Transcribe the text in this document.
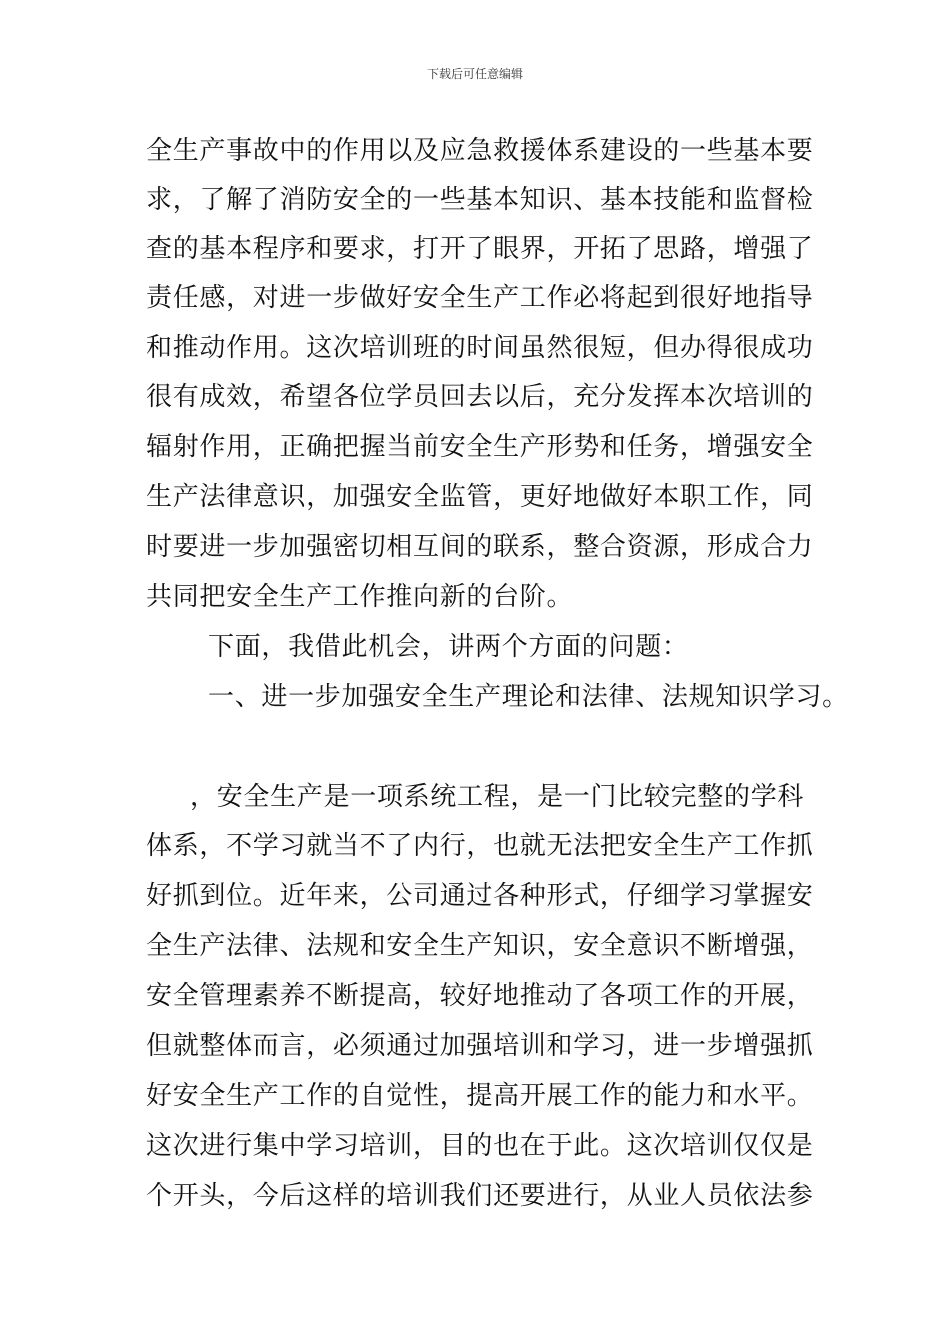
下载后可任意编辑
全生产事故中的作用以及应急救援体系建设的一些基本要
求，了解了消防安全的一些基本知识、基本技能和监督检
查的基本程序和要求，打开了眼界，开拓了思路，增强了
责任感，对进一步做好安全生产工作必将起到很好地指导
和推动作用。这次培训班的时间虽然很短，但办得很成功
很有成效，希望各位学员回去以后，充分发挥本次培训的
辐射作用，正确把握当前安全生产形势和任务，增强安全
生产法律意识，加强安全监管，更好地做好本职工作，同
时要进一步加强密切相互间的联系，整合资源，形成合力
共同把安全生产工作推向新的台阶。
下面，我借此机会，讲两个方面的问题：
一、进一步加强安全生产理论和法律、法规知识学习。
，安全生产是一项系统工程，是一门比较完整的学科
体系，不学习就当不了内行，也就无法把安全生产工作抓
好抓到位。近年来，公司通过各种形式，仔细学习掌握安
全生产法律、法规和安全生产知识，安全意识不断增强，
安全管理素养不断提高，较好地推动了各项工作的开展，
但就整体而言，必须通过加强培训和学习，进一步增强抓
好安全生产工作的自觉性，提高开展工作的能力和水平。
这次进行集中学习培训，目的也在于此。这次培训仅仅是
个开头，今后这样的培训我们还要进行，从业人员依法参
